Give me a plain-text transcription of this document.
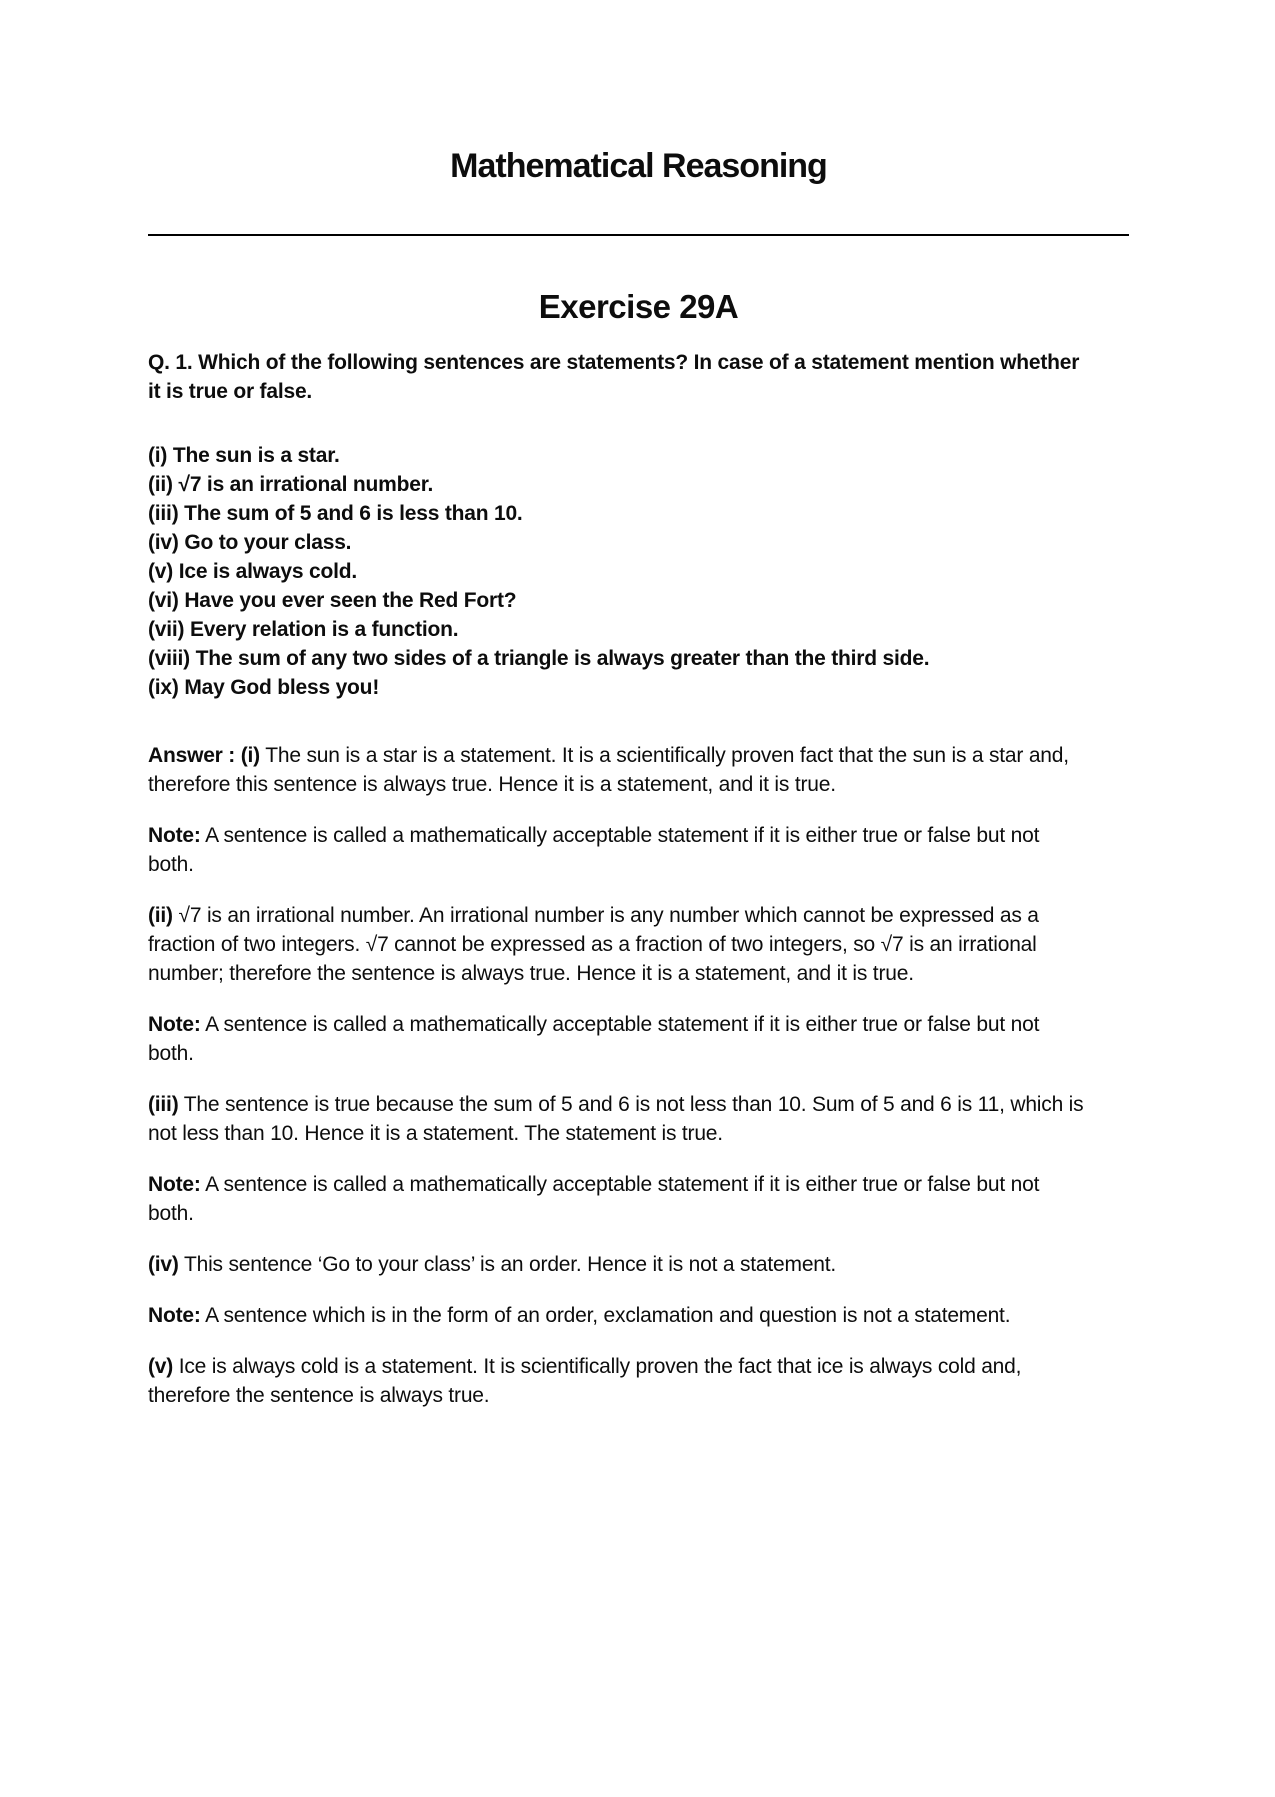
Mathematical Reasoning
Exercise 29A

Q. 1. Which of the following sentences are statements? In case of a statement mention whether it is true or false.

(i) The sun is a star.
(ii) √7 is an irrational number.
(iii) The sum of 5 and 6 is less than 10.
(iv) Go to your class.
(v) Ice is always cold.
(vi) Have you ever seen the Red Fort?
(vii) Every relation is a function.
(viii) The sum of any two sides of a triangle is always greater than the third side.
(ix) May God bless you!

Answer : (i) The sun is a star is a statement. It is a scientifically proven fact that the sun is a star and, therefore this sentence is always true. Hence it is a statement, and it is true.

Note: A sentence is called a mathematically acceptable statement if it is either true or false but not both.

(ii) √7 is an irrational number. An irrational number is any number which cannot be expressed as a fraction of two integers. √7 cannot be expressed as a fraction of two integers, so √7 is an irrational number; therefore the sentence is always true. Hence it is a statement, and it is true.

Note: A sentence is called a mathematically acceptable statement if it is either true or false but not both.

(iii) The sentence is true because the sum of 5 and 6 is not less than 10. Sum of 5 and 6 is 11, which is not less than 10. Hence it is a statement. The statement is true.

Note: A sentence is called a mathematically acceptable statement if it is either true or false but not both.

(iv) This sentence ‘Go to your class’ is an order. Hence it is not a statement.

Note: A sentence which is in the form of an order, exclamation and question is not a statement.

(v) Ice is always cold is a statement. It is scientifically proven the fact that ice is always cold and, therefore the sentence is always true.
